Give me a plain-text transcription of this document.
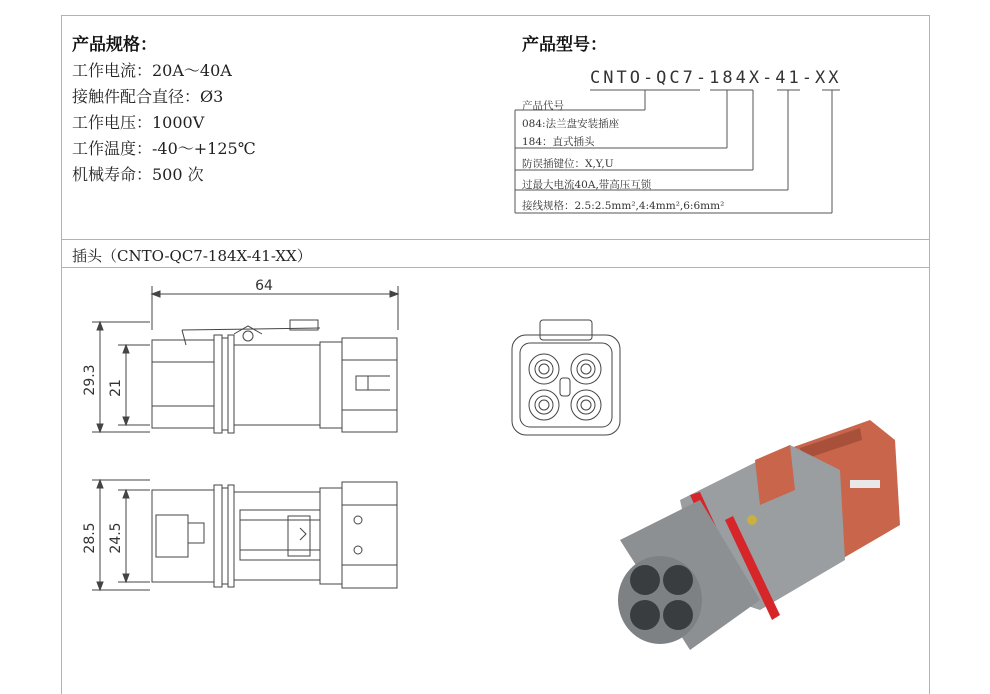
产品规格：
工作电流：20A～40A
接触件配合直径：Ø3
工作电压：1000V
工作温度：-40～+125℃
机械寿命：500 次
产品型号：
CNTO-QC7-184X-41-XX
产品代号
084:法兰盘安装插座
184：直式插头
防误插键位：X,Y,U
过最大电流40A,带高压互锁
接线规格：2.5:2.5mm²,4:4mm²,6:6mm²
插头（CNTO-QC7-184X-41-XX）
64
29.3 21
28.5 24.5
